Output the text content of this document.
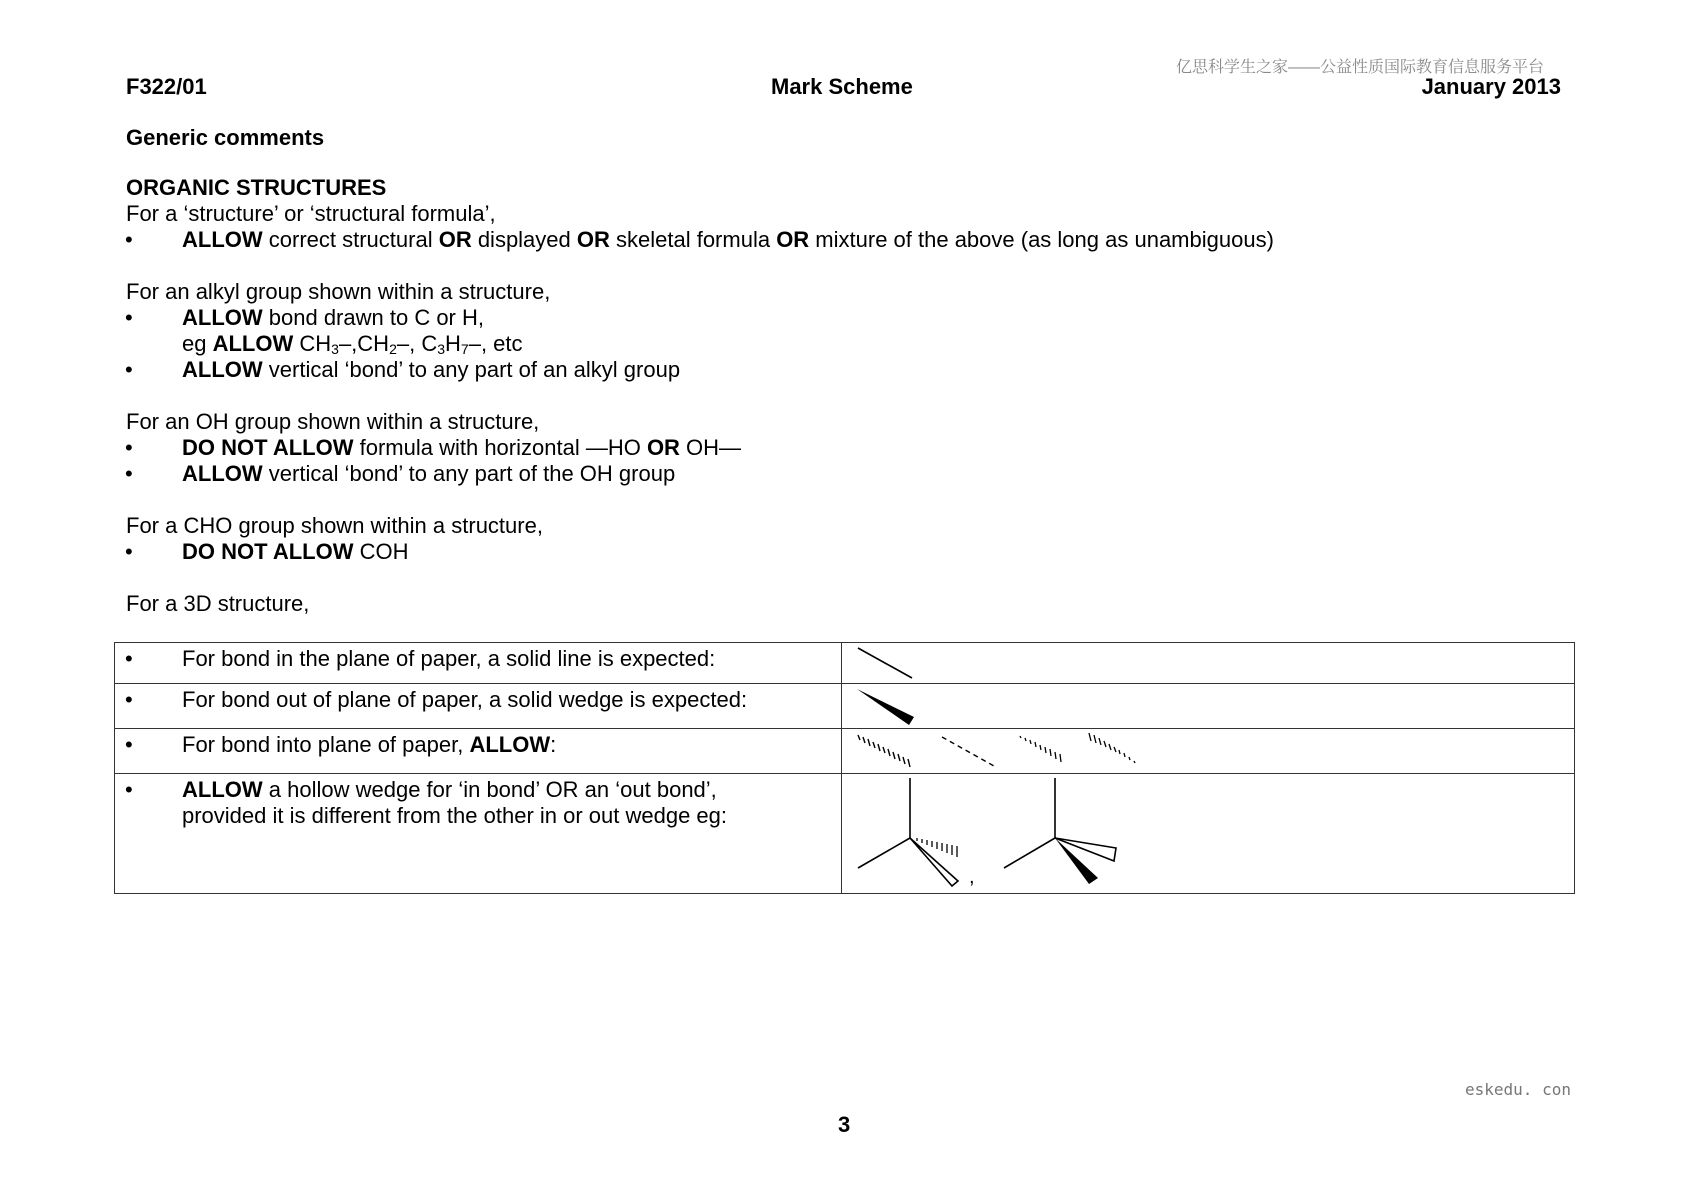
亿思科学生之家——公益性质国际教育信息服务平台
F322/01	Mark Scheme	January 2013
Generic comments
ORGANIC STRUCTURES
For a ‘structure’ or ‘structural formula’,
• ALLOW correct structural OR displayed OR skeletal formula OR mixture of the above (as long as unambiguous)
For an alkyl group shown within a structure,
• ALLOW bond drawn to C or H,
eg ALLOW $CH_3-,CH_2-$, $C_3H_7-$, etc
• ALLOW vertical ‘bond’ to any part of an alkyl group
For an OH group shown within a structure,
• DO NOT ALLOW formula with horizontal —HO OR OH—
• ALLOW vertical ‘bond’ to any part of the OH group
For a CHO group shown within a structure,
• DO NOT ALLOW COH
For a 3D structure,
• For bond in the plane of paper, a solid line is expected:

• For bond out of plane of paper, a solid wedge is expected:

• For bond into plane of paper, ALLOW:

• ALLOW a hollow wedge for ‘in bond’ OR an ‘out bond’,
provided it is different from the other in or out wedge eg:	,
eskedu. con
3
